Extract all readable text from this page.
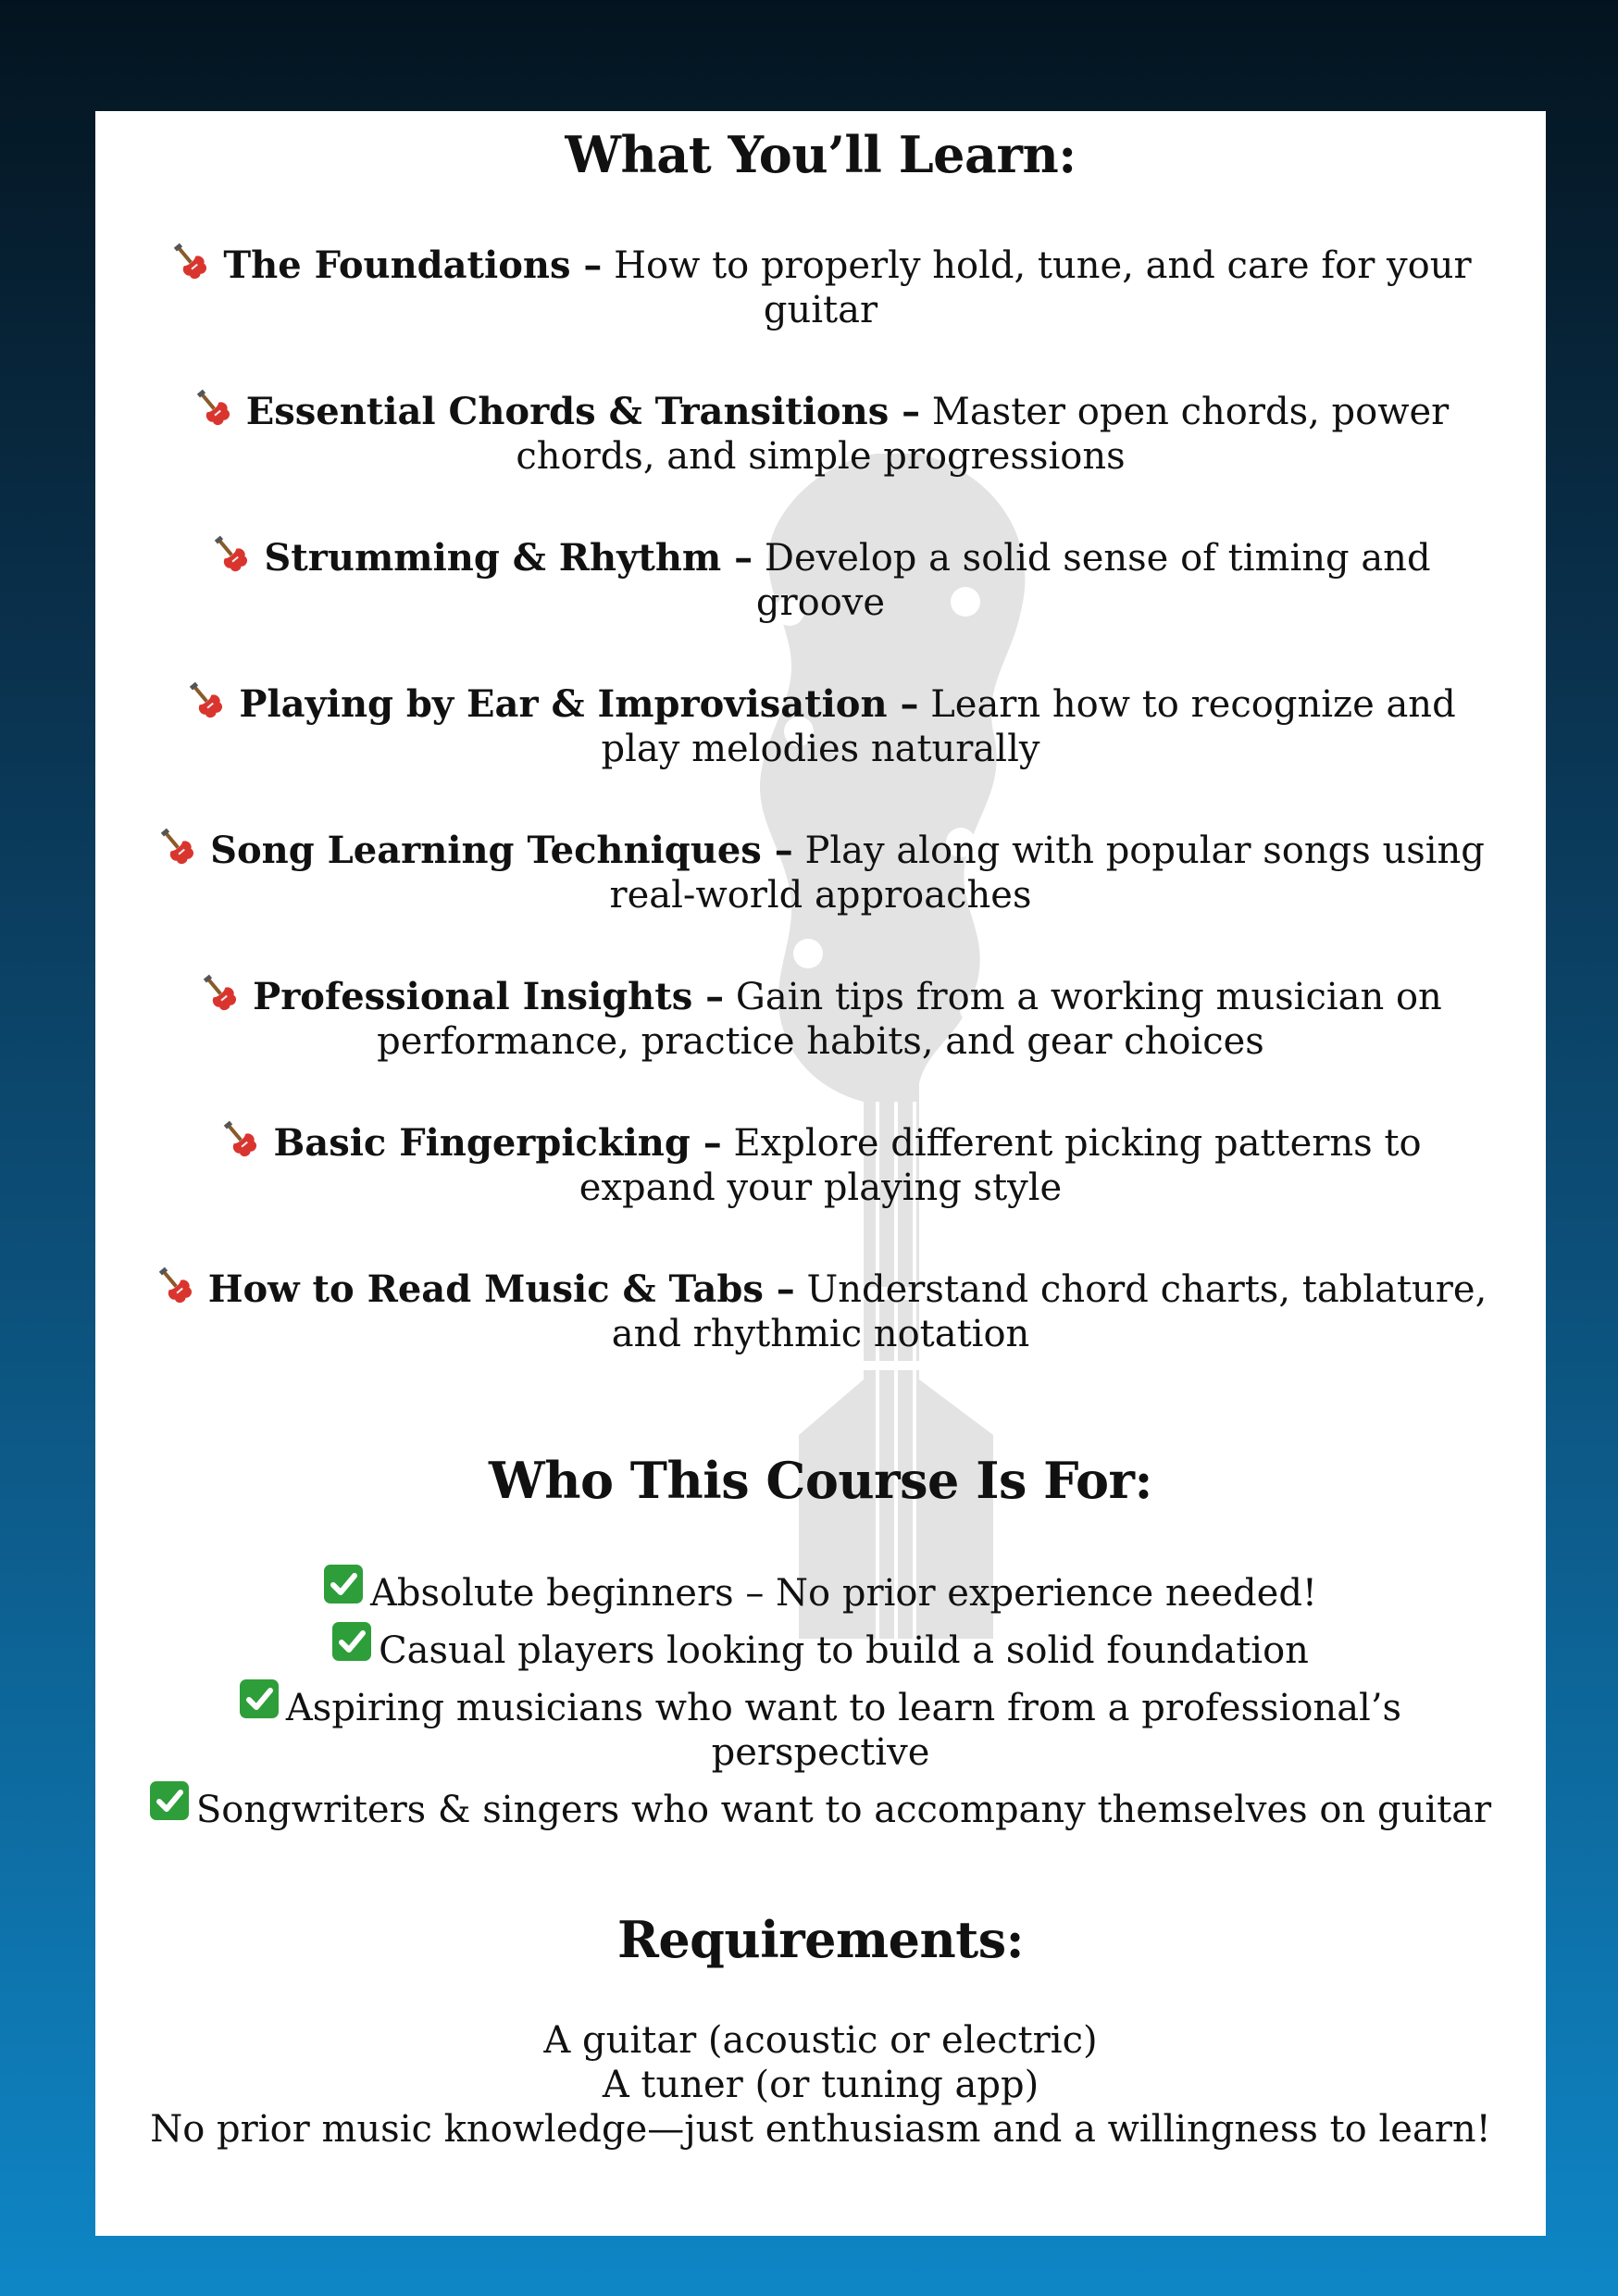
What You’ll Learn:
The Foundations – How to properly hold, tune, and care for your
guitar
Essential Chords & Transitions – Master open chords, power
chords, and simple progressions
Strumming & Rhythm – Develop a solid sense of timing and
groove
Playing by Ear & Improvisation – Learn how to recognize and
play melodies naturally
Song Learning Techniques – Play along with popular songs using
real-world approaches
Professional Insights – Gain tips from a working musician on
performance, practice habits, and gear choices
Basic Fingerpicking – Explore different picking patterns to
expand your playing style
How to Read Music & Tabs – Understand chord charts, tablature,
and rhythmic notation
Who This Course Is For:
Absolute beginners – No prior experience needed!
Casual players looking to build a solid foundation
Aspiring musicians who want to learn from a professional’s
perspective
Songwriters & singers who want to accompany themselves on guitar
Requirements:
A guitar (acoustic or electric)
A tuner (or tuning app)
No prior music knowledge—just enthusiasm and a willingness to learn!
